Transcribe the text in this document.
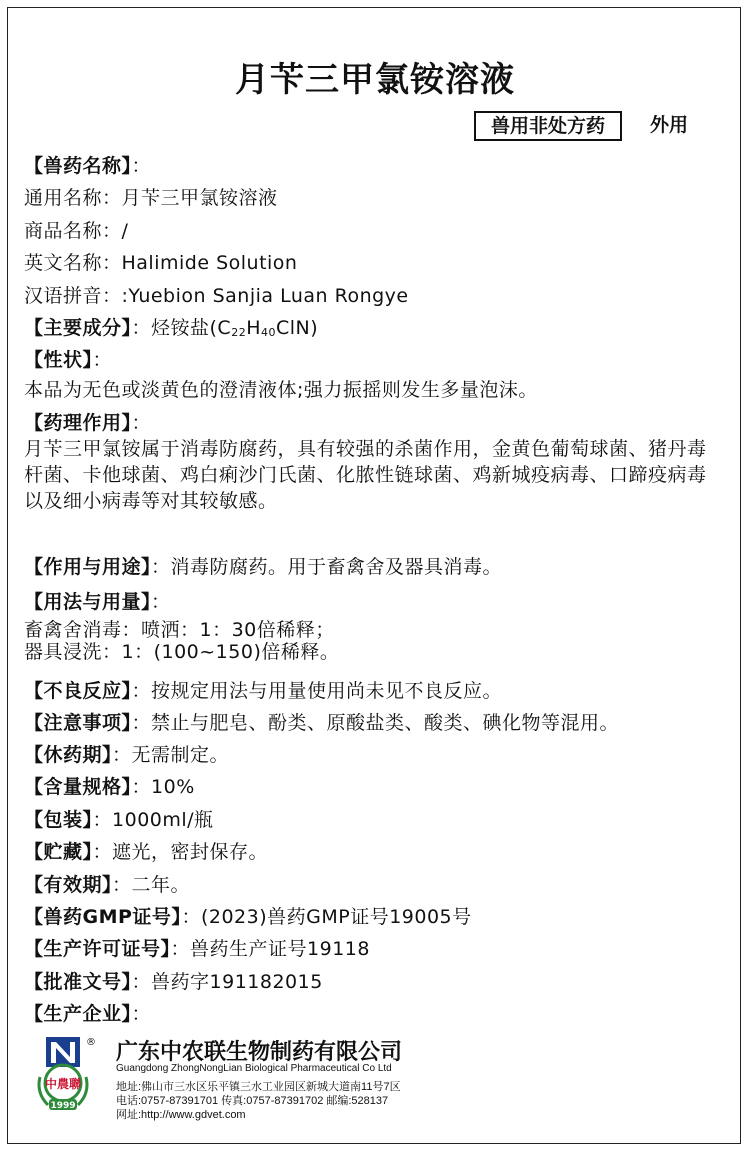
月苄三甲氯铵溶液
兽用非处方药	外用
【兽药名称】：
通用名称：月苄三甲氯铵溶液
商品名称：/
英文名称：Halimide Solution
汉语拼音：:Yuebion Sanjia Luan Rongye
【主要成分】：烃铵盐$(C_{22}H_{40}ClN)$
【性状】：
本品为无色或淡黄色的澄清液体;强力振摇则发生多量泡沫。
【药理作用】：
月苄三甲氯铵属于消毒防腐药，具有较强的杀菌作用，金黄色葡萄球菌、猪丹毒杆菌、卡他球菌、鸡白痢沙门氏菌、化脓性链球菌、鸡新城疫病毒、口蹄疫病毒以及细小病毒等对其较敏感。
【作用与用途】：消毒防腐药。用于畜禽舍及器具消毒。
【用法与用量】：
畜禽舍消毒：喷洒：1：30倍稀释；
器具浸洗：1：(100~150)倍稀释。
【不良反应】：按规定用法与用量使用尚未见不良反应。
【注意事项】：禁止与肥皂、酚类、原酸盐类、酸类、碘化物等混用。
【休药期】：无需制定。
【含量规格】：10%
【包装】：1000ml/瓶
【贮藏】：遮光，密封保存。
【有效期】：二年。
【兽药GMP证号】：(2023)兽药GMP证号19005号
【生产许可证号】：兽药生产证号19118
【批准文号】：兽药字191182015
【生产企业】：
®
中農聯
1999
广东中农联生物制药有限公司
Guangdong ZhongNongLian Biological Pharmaceutical Co Ltd
地址:佛山市三水区乐平镇三水工业园区新城大道南11号7区
电话:0757-87391701 传真:0757-87391702 邮编:528137
网址:http://www.gdvet.com
